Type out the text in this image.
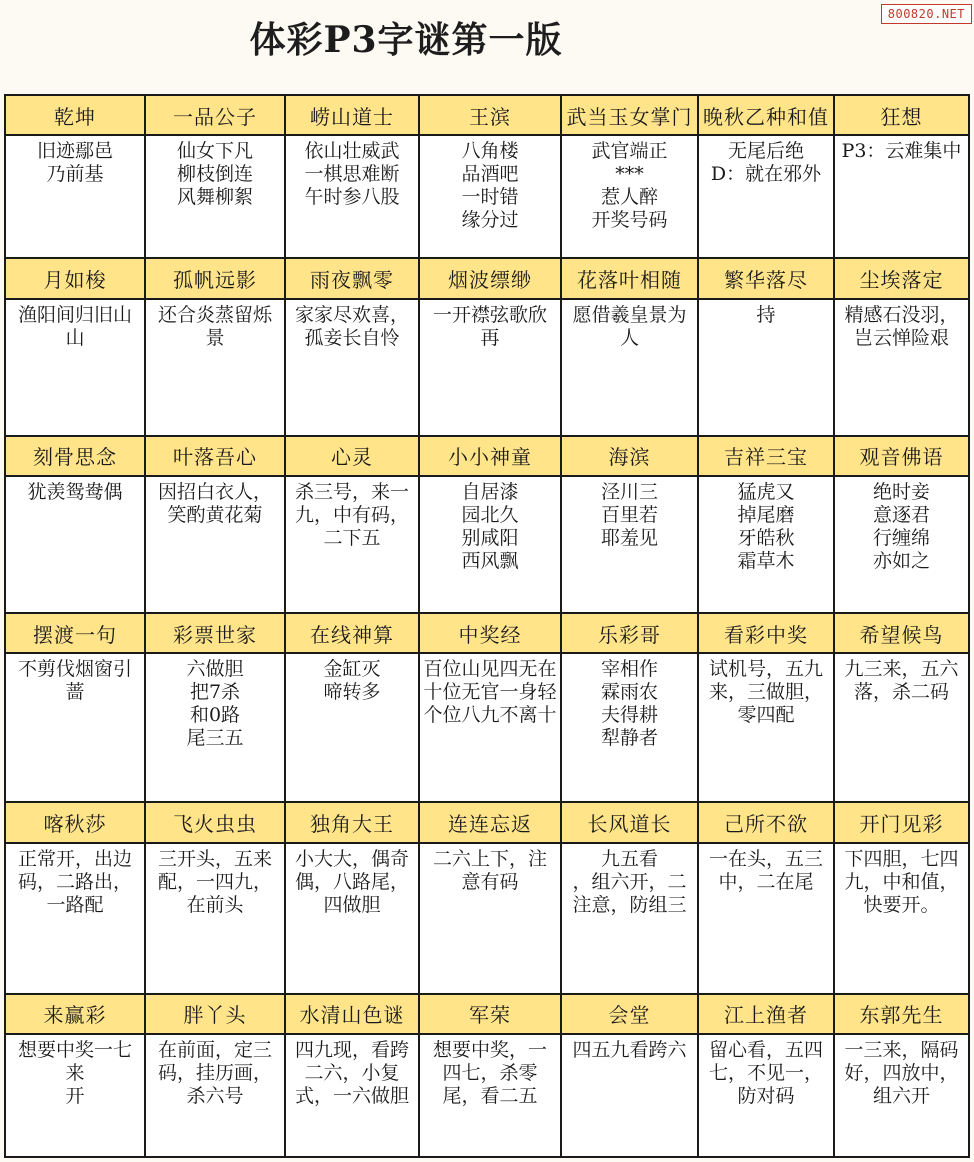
体彩P3字谜第一版
800820.NET
乾坤	一品公子	崂山道士	王滨	武当玉女掌门	晚秋乙种和值	狂想

旧迹鄢邑
乃前基	仙女下凡
柳枝倒连
风舞柳絮	依山壮威武
一棋思难断
午时参八股	八角楼
品酒吧
一时错
缘分过	武官端正
***
惹人醉
开奖号码	无尾后绝
D：就在邪外	P3：云难集中

月如梭	孤帆远影	雨夜飘零	烟波缥缈	花落叶相随	繁华落尽	尘埃落定

渔阳间归旧山
山	还合炎蒸留烁
景	家家尽欢喜，
孤妾长自怜	一开襟弦歌欣
再	愿借羲皇景为
人	持	精感石没羽，
岂云惮险艰

刻骨思念	叶落吾心	心灵	小小神童	海滨	吉祥三宝	观音佛语

犹羡鸳鸯偶	因招白衣人，
笑酌黄花菊	杀三号，来一
九，中有码，
二下五	自居漆
园北久
别咸阳
西风飘	泾川三
百里若
耶羞见	猛虎又
掉尾磨
牙皓秋
霜草木	绝时妾
意逐君
行缠绵
亦如之

摆渡一句	彩票世家	在线神算	中奖经	乐彩哥	看彩中奖	希望候鸟

不剪伐烟窗引
蔷	六做胆
把7杀
和0路
尾三五	金缸灭
啼转多	百位山见四无在
十位无官一身轻
个位八九不离十	宰相作
霖雨农
夫得耕
犁静者	试机号，五九
来，三做胆，
零四配	九三来，五六
落，杀二码

喀秋莎	飞火虫虫	独角大王	连连忘返	长风道长	己所不欲	开门见彩

正常开，出边
码，二路出，
一路配	三开头，五来
配，一四九，
在前头	小大大，偶奇
偶，八路尾，
四做胆	二六上下，注
意有码	九五看
，组六开，二
注意，防组三	一在头，五三
中，二在尾	下四胆，七四
九，中和值，
快要开。

来赢彩	胖丫头	水清山色谜	军荣	会堂	江上渔者	东郭先生

想要中奖一七
来
开	在前面，定三
码，挂历画，
杀六号	四九现，看跨
二六，小复
式，一六做胆	想要中奖，一
四七，杀零
尾，看二五	四五九看跨六	留心看，五四
七，不见一，
防对码	一三来，隔码
好，四放中，
组六开
